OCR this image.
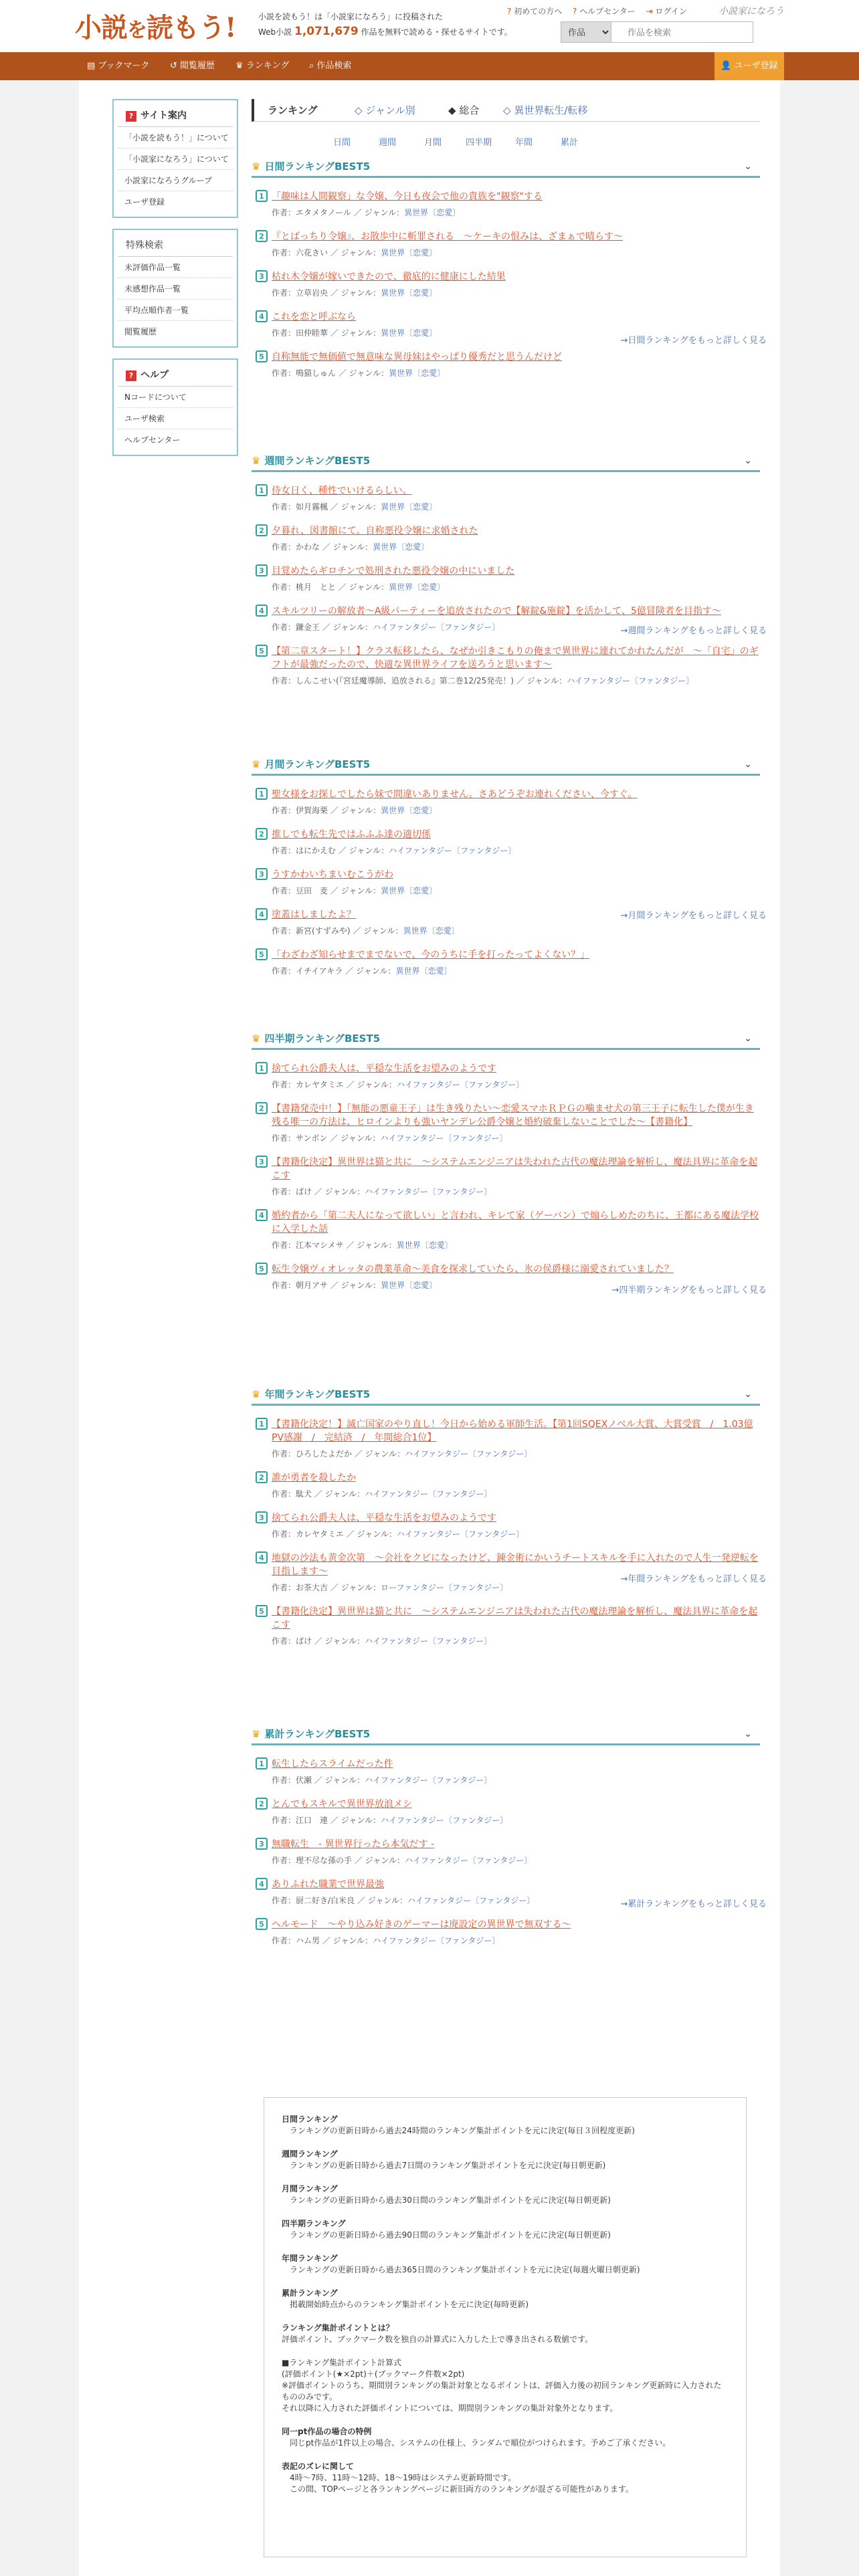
小説を読もう!	小説を読もう！は「小説家になろう」に投稿された
Web小説 1,071,679 作品を無料で読める・探せるサイトです。
? 初めての方へ ? ヘルプセンター ⇥ ログイン	小説家になろう
作品
作品を検索
▤ ブックマーク ↺ 閲覧履歴 ♛ ランキング ⌕ 作品検索	👤 ユーザ登録
? サイト案内
「小説を読もう！」について
「小説家になろう」について
小説家になろうグループ
ユーザ登録
特殊検索
未評価作品一覧
未感想作品一覧
平均点順作者一覧
閲覧履歴
? ヘルプ
Nコードについて
ユーザ検索
ヘルプセンター
ランキング	◇ ジャンル別	◆ 総合 ◇ 異世界転生/転移
日間	週間	月間	四半期	年間	累計
♛ 日間ランキングBEST5	⌄
1 「趣味は人間観察」な令嬢、今日も夜会で他の貴族を"観察"する
作者：エタメタノール ／ ジャンル：異世界〔恋愛〕
2 『とばっちり令嬢』、お散歩中に斬罪される　〜ケーキの恨みは、ざまぁで晴らす〜
作者：六花きい ／ ジャンル：異世界〔恋愛〕
3 枯れ木令嬢が嫁いできたので、徹底的に健康にした結果
作者：立草岩央 ／ ジャンル：異世界〔恋愛〕
4 これを恋と呼ぶなら
作者：田仲睦華 ／ ジャンル：異世界〔恋愛〕
5 自称無能で無価値で無意味な異母妹はやっぱり優秀だと思うんだけど
作者：鳴猫しゅん ／ ジャンル：異世界〔恋愛〕
→日間ランキングをもっと詳しく見る
♛ 週間ランキングBEST5	⌄
1 侍女日く、種性でいけるらしい。
作者：如月霧楓 ／ ジャンル：異世界〔恋愛〕
2 夕暮れ、図書館にて。自称悪役令嬢に求婚された
作者：かわな ／ ジャンル：異世界〔恋愛〕
3 目覚めたらギロチンで処刑された悪役令嬢の中にいました
作者：桃月　とと ／ ジャンル：異世界〔恋愛〕
4 スキルツリーの解放者〜A級パーティーを追放されたので【解錠&施錠】を活かして、5億冒険者を目指す〜
作者：鎌金王 ／ ジャンル：ハイファンタジー〔ファンタジー〕
5 【第二章スタート！】クラス転移したら、なぜか引きこもりの俺まで異世界に連れてかれたんだが　〜「自宅」のギフトが最強だったので、快適な異世界ライフを送ろうと思います〜
作者：しんこせい(『宮廷魔導師、追放される』第二巻12/25発売！) ／ ジャンル：ハイファンタジー〔ファンタジー〕
→週間ランキングをもっと詳しく見る
♛ 月間ランキングBEST5	⌄
1 聖女様をお探しでしたら妹で間違いありません。さあどうぞお連れください、今すぐ。
作者：伊賀海栗 ／ ジャンル：異世界〔恋愛〕
2 推しでも転生先ではふふふ達の適切係
作者：はにかえむ ／ ジャンル：ハイファンタジー〔ファンタジー〕
3 うすかわいちまいむこうがわ
作者：豆田　麦 ／ ジャンル：異世界〔恋愛〕
4 塗蓋はしましたよ？
作者：新宮(すずみや) ／ ジャンル：異世界〔恋愛〕
5 「わざわざ知らせまでまでないで、今のうちに手を打ったってよくない？」
作者：イチイアキラ ／ ジャンル：異世界〔恋愛〕
→月間ランキングをもっと詳しく見る
♛ 四半期ランキングBEST5	⌄
1 捨てられ公爵夫人は、平穏な生活をお望みのようです
作者：カレヤタミエ ／ ジャンル：ハイファンタジー〔ファンタジー〕
2 【書籍発売中！】「無能の悪童王子」は生き残りたい〜恋愛スマホＲＰＧの噛ませ犬の第三王子に転生した僕が生き残る唯一の方法は、ヒロインよりも強いヤンデレ公爵令嬢と婚約破棄しないことでした〜【書籍化】
作者：サンボン ／ ジャンル：ハイファンタジー〔ファンタジー〕
3 【書籍化決定】異世界は猫と共に　〜システムエンジニアは失われた古代の魔法理論を解析し、魔法具界に革命を起こす
作者：ばけ ／ ジャンル：ハイファンタジー〔ファンタジー〕
4 婚約者から「第二夫人になって欲しい」と言われ、キレて家（ゲーバン）で煽らしめたのちに、王都にある魔法学校に入学した話
作者：江本マシメサ ／ ジャンル：異世界〔恋愛〕
5 転生令嬢ヴィオレッタの農業革命〜美食を探求していたら、氷の侯爵様に溺愛されていました？
作者：朝月アサ ／ ジャンル：異世界〔恋愛〕	→四半期ランキングをもっと詳しく見る
♛ 年間ランキングBEST5	⌄
1 【書籍化決定！】滅亡国家のやり直し！今日から始める軍師生活。【第1回SQEXノベル大賞、大賞受賞　/　1.03億PV感謝　/　完結済　/　年間総合1位】
作者：ひろしたよだか ／ ジャンル：ハイファンタジー〔ファンタジー〕
2 誰が勇者を殺したか
作者：駄犬 ／ ジャンル：ハイファンタジー〔ファンタジー〕
3 捨てられ公爵夫人は、平穏な生活をお望みのようです
作者：カレヤタミエ ／ ジャンル：ハイファンタジー〔ファンタジー〕
4 地獄の沙法も黄金次第　〜会社をクビになったけど、錬金術にかいうチートスキルを手に入れたので人生一発逆転を目指します〜
作者：お茶大吉 ／ ジャンル：ローファンタジー〔ファンタジー〕
5 【書籍化決定】異世界は猫と共に　〜システムエンジニアは失われた古代の魔法理論を解析し、魔法具界に革命を起こす
作者：ばけ ／ ジャンル：ハイファンタジー〔ファンタジー〕
→年間ランキングをもっと詳しく見る
♛ 累計ランキングBEST5	⌄
1 転生したらスライムだった件
作者：伏瀬 ／ ジャンル：ハイファンタジー〔ファンタジー〕
2 とんでもスキルで異世界放浪メシ
作者：江口　連 ／ ジャンル：ハイファンタジー〔ファンタジー〕
3 無職転生　- 異世界行ったら本気だす -
作者：理不尽な孫の手 ／ ジャンル：ハイファンタジー〔ファンタジー〕
4 ありふれた職業で世界最強
作者：厨二好き/白米良 ／ ジャンル：ハイファンタジー〔ファンタジー〕
5 ヘルモード　〜やり込み好きのゲーマーは廃設定の異世界で無双する〜
作者：ハム男 ／ ジャンル：ハイファンタジー〔ファンタジー〕
→累計ランキングをもっと詳しく見る
日間ランキング
ランキングの更新日時から過去24時間のランキング集計ポイントを元に決定(毎日３回程度更新)
週間ランキング
ランキングの更新日時から過去7日間のランキング集計ポイントを元に決定(毎日朝更新)
月間ランキング
ランキングの更新日時から過去30日間のランキング集計ポイントを元に決定(毎日朝更新)
四半期ランキング
ランキングの更新日時から過去90日間のランキング集計ポイントを元に決定(毎日朝更新)
年間ランキング
ランキングの更新日時から過去365日間のランキング集計ポイントを元に決定(毎週火曜日朝更新)
累計ランキング
掲載開始時点からのランキング集計ポイントを元に決定(毎時更新)
ランキング集計ポイントとは？
評価ポイント、ブックマーク数を独自の計算式に入力した上で導き出される数値です。
■ランキング集計ポイント計算式
(評価ポイント(★×2pt)＋(ブックマーク件数×2pt)
※評価ポイントのうち、期間別ランキングの集計対象となるポイントは、評価入力後の初回ランキング更新時に入力されたもののみです。
それ以降に入力された評価ポイントについては、期間別ランキングの集計対象外となります。
同一pt作品の場合の特例
同じpt作品が1件以上の場合、システムの仕様上、ランダムで順位がつけられます。予めご了承ください。
表記のズレに関して
4時〜7時、11時〜12時、18〜19時はシステム更新時間です。
この間、TOPページと各ランキングページに新旧両方のランキングが混ざる可能性があります。
